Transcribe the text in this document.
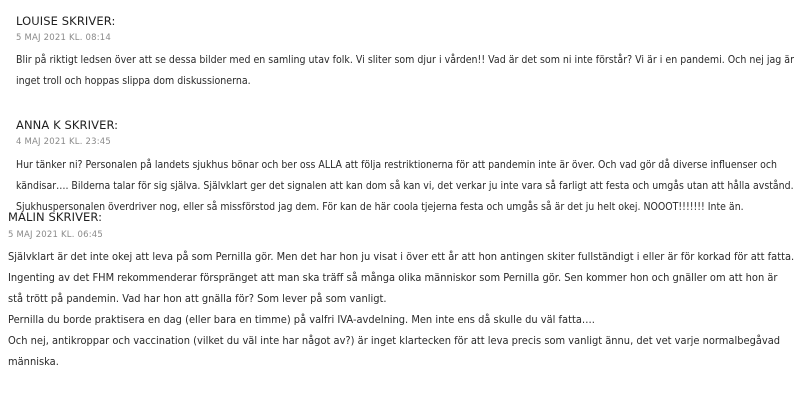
LOUISE SKRIVER:
5 MAJ 2021 KL. 08:14
Blir på riktigt ledsen över att se dessa bilder med en samling utav folk. Vi sliter som djur i vården!! Vad är det som ni inte förstår? Vi är i en pandemi. Och nej jag är
inget troll och hoppas slippa dom diskussionerna.
ANNA K SKRIVER:
4 MAJ 2021 KL. 23:45
Hur tänker ni? Personalen på landets sjukhus bönar och ber oss ALLA att följa restriktionerna för att pandemin inte är över. Och vad gör då diverse influenser och
kändisar…. Bilderna talar för sig själva. Självklart ger det signalen att kan dom så kan vi, det verkar ju inte vara så farligt att festa och umgås utan att hålla avstånd.
Sjukhuspersonalen överdriver nog, eller så missförstod jag dem. För kan de här coola tjejerna festa och umgås så är det ju helt okej. NOOOT!!!!!!! Inte än.
MALIN SKRIVER:
5 MAJ 2021 KL. 06:45
Självklart är det inte okej att leva på som Pernilla gör. Men det har hon ju visat i över ett år att hon antingen skiter fullständigt i eller är för korkad för att fatta.
Ingenting av det FHM rekommenderar förspränget att man ska träff så många olika människor som Pernilla gör. Sen kommer hon och gnäller om att hon är
stå trött på pandemin. Vad har hon att gnälla för? Som lever på som vanligt.
Pernilla du borde praktisera en dag (eller bara en timme) på valfri IVA-avdelning. Men inte ens då skulle du väl fatta….
Och nej, antikroppar och vaccination (vilket du väl inte har något av?) är inget klartecken för att leva precis som vanligt ännu, det vet varje normalbegåvad
människa.
